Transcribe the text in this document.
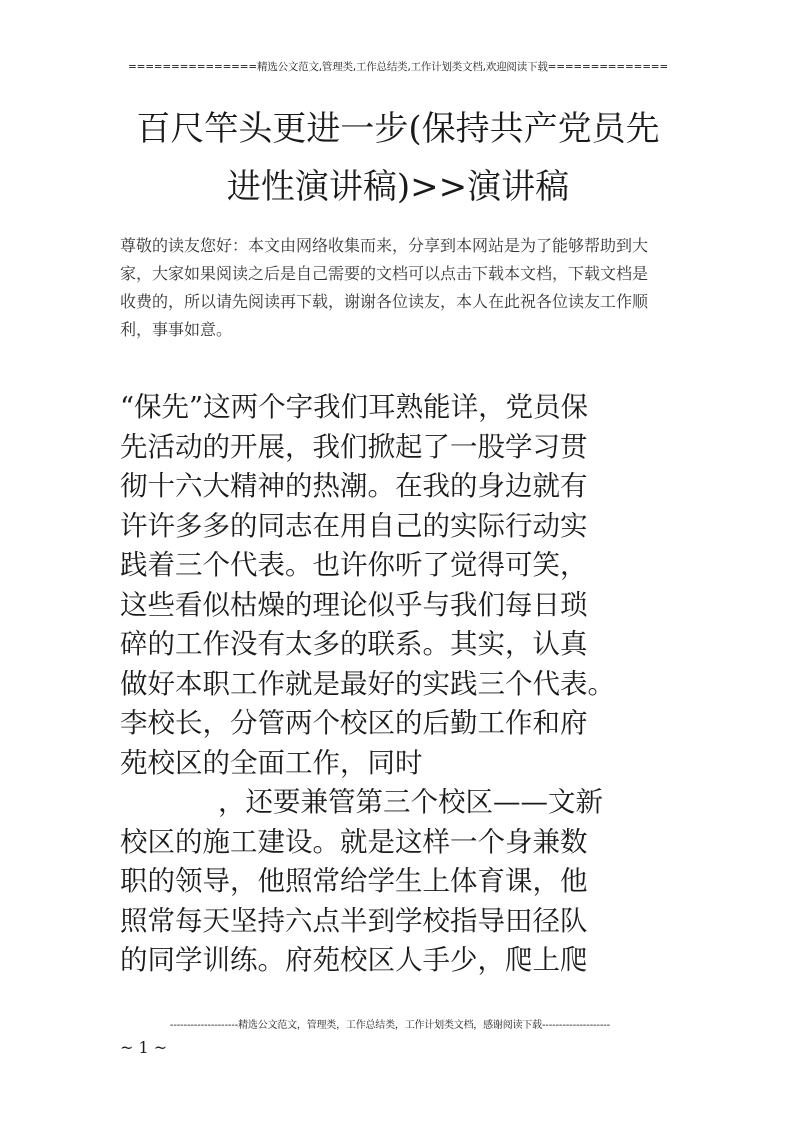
===============精选公文范文,管理类,工作总结类,工作计划类文档,欢迎阅读下载==============
百尺竿头更进一步(保持共产党员先
进性演讲稿)>>演讲稿
尊敬的读友您好：本文由网络收集而来，分享到本网站是为了能够帮助到大
家，大家如果阅读之后是自己需要的文档可以点击下载本文档，下载文档是
收费的，所以请先阅读再下载，谢谢各位读友，本人在此祝各位读友工作顺
利，事事如意。
“保先”这两个字我们耳熟能详，党员保
先活动的开展，我们掀起了一股学习贯
彻十六大精神的热潮。在我的身边就有
许许多多的同志在用自己的实际行动实
践着三个代表。也许你听了觉得可笑，
这些看似枯燥的理论似乎与我们每日琐
碎的工作没有太多的联系。其实，认真
做好本职工作就是最好的实践三个代表。
李校长，分管两个校区的后勤工作和府
苑校区的全面工作，同时
，还要兼管第三个校区——文新
校区的施工建设。就是这样一个身兼数
职的领导，他照常给学生上体育课，他
照常每天坚持六点半到学校指导田径队
的同学训练。府苑校区人手少，爬上爬
--------------------精选公文范文，管理类，工作总结类，工作计划类文档，感谢阅读下载--------------------
~ 1 ~
